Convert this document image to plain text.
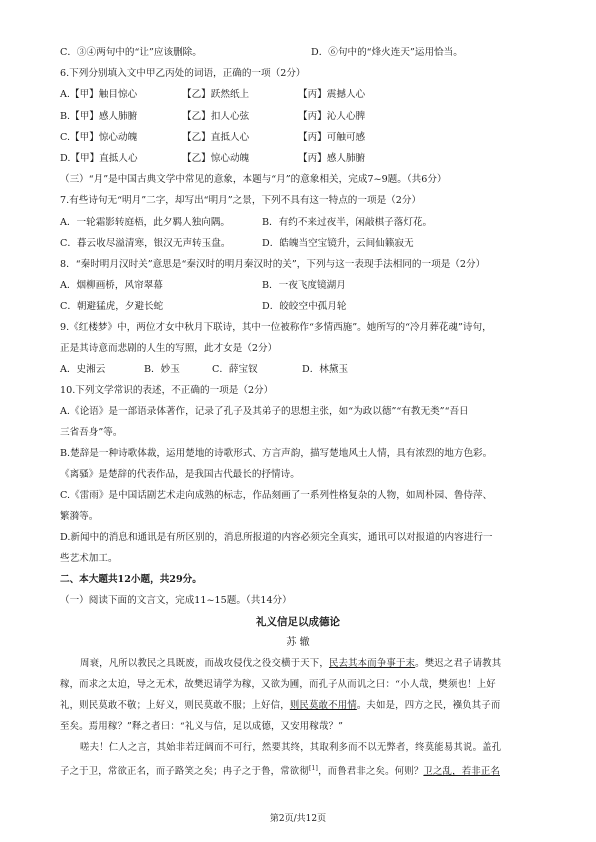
C．③④两句中的“让”应该删除。	D．⑥句中的“烽火连天”运用恰当。
6.下列分别填入文中甲乙丙处的词语，正确的一项（2分）
A.【甲】触目惊心	【乙】跃然纸上	【丙】震撼人心
B.【甲】感人肺腑	【乙】扣人心弦	【丙】沁人心脾
C.【甲】惊心动魄	【乙】直抵人心	【丙】可触可感
D.【甲】直抵人心	【乙】惊心动魄	【丙】感人肺腑
（三）“月”是中国古典文学中常见的意象，本题与“月”的意象相关，完成7~9题。（共6分）
7.有些诗句无“明月”二字，却写出“明月”之景，下列不具有这一特点的一项是（2分）
A．一轮霜影转庭梧，此夕羁人独向隅。	B．有约不来过夜半，闲敲棋子落灯花。
C．暮云收尽溢清寒，银汉无声转玉盘。	D．皓魄当空宝镜升，云间仙籁寂无
8．“秦时明月汉时关”意思是“秦汉时的明月秦汉时的关”，下列与这一表现手法相同的一项是（2分）
A．烟柳画桥，风帘翠幕	B．一夜飞度镜湖月
C．朝避猛虎，夕避长蛇	D．皎皎空中孤月轮
9.《红楼梦》中，两位才女中秋月下联诗，其中一位被称作“多情西施”。她所写的“冷月葬花魂”诗句，
正是其诗意而悲剧的人生的写照，此才女是（2分）
A．史湘云	B．妙玉	C．薛宝钗	D．林黛玉
10.下列文学常识的表述，不正确的一项是（2分）
A.《论语》是一部语录体著作，记录了孔子及其弟子的思想主张，如“为政以德”“有教无类”“吾日
三省吾身”等。
B.楚辞是一种诗歌体裁，运用楚地的诗歌形式、方言声韵，描写楚地风土人情，具有浓烈的地方色彩。
《离骚》是楚辞的代表作品，是我国古代最长的抒情诗。
C.《雷雨》是中国话剧艺术走向成熟的标志，作品刻画了一系列性格复杂的人物，如周朴园、鲁侍萍、
繁漪等。
D.新闻中的消息和通讯是有所区别的，消息所报道的内容必须完全真实，通讯可以对报道的内容进行一
些艺术加工。
二、本大题共12小题，共29分。
（一）阅读下面的文言文，完成11~15题。（共14分）
礼义信足以成德论
苏 辙
周衰，凡所以教民之具既废，而战攻侵伐之役交横于天下，民去其本而争事于末。樊迟之君子请教其
稼，而求之太迫，导之无术，故樊迟请学为稼，又欲为圃，而孔子从而讥之曰：“小人哉，樊须也！上好
礼，则民莫敢不敬；上好义，则民莫敢不服；上好信，则民莫敢不用情。夫如是，四方之民，襁负其子而
至矣。焉用稼？”释之者曰：“礼义与信，足以成德，又安用稼哉？”
嗟夫！仁人之言，其始非若迂阔而不可行，然要其终，其取利多而不以无弊者，终莫能易其说。盖孔
子之于卫，常欲正名，而子路笑之矣；冉子之于鲁，常欲彻[1]，而鲁君非之矣。何则？卫之乱，若非正名
第2页/共12页
